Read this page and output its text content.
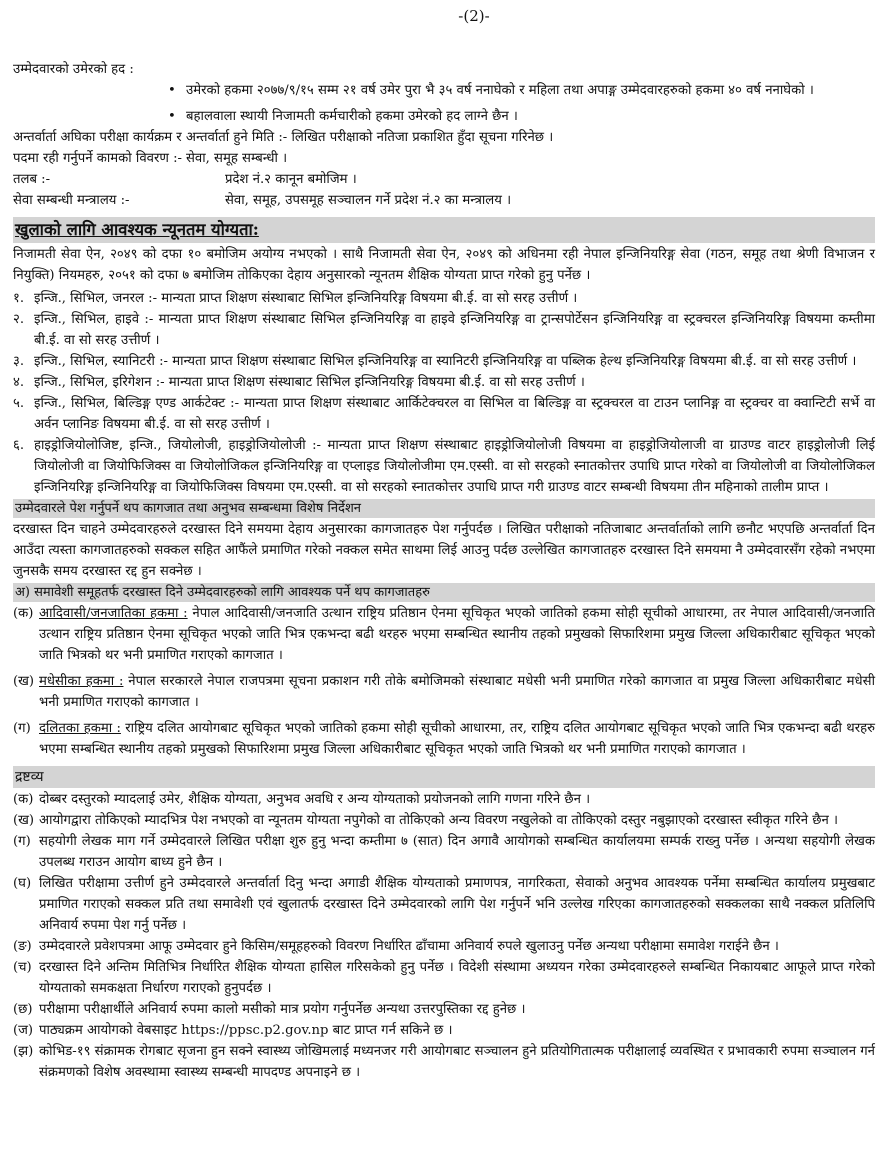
-(2)-

उम्मेदवारको उमेरको हद :

• उमेरको हकमा २०७७/९/१५ सम्म २१ वर्ष उमेर पुरा भै ३५ वर्ष ननाघेको र महिला तथा अपाङ्ग उम्मेदवारहरुको हकमा ४० वर्ष ननाघेको ।
• बहालवाला स्थायी निजामती कर्मचारीको हकमा उमेरको हद लाग्ने छैन ।

अन्तर्वार्ता अघिका परीक्षा कार्यक्रम र अन्तर्वार्ता हुने मिति :- लिखित परीक्षाको नतिजा प्रकाशित हुँदा सूचना गरिनेछ ।

पदमा रही गर्नुपर्ने कामको विवरण :- सेवा, समूह सम्बन्धी ।
तलब :-	प्रदेश नं.२ कानून बमोजिम ।
सेवा सम्बन्धी मन्त्रालय :-	सेवा, समूह, उपसमूह सञ्चालन गर्ने प्रदेश नं.२ का मन्त्रालय ।
खुलाको लागि आवश्यक न्यूनतम योग्यता:

निजामती सेवा ऐन, २०४९ को दफा १० बमोजिम अयोग्य नभएको । साथै निजामती सेवा ऐन, २०४९ को अधिनमा रही नेपाल इन्जिनियरिङ्ग सेवा (गठन, समूह तथा श्रेणी विभाजन र नियुक्ति) नियमहरु, २०५१ को दफा ७ बमोजिम तोकिएका देहाय अनुसारको न्यूनतम शैक्षिक योग्यता प्राप्त गरेको हुनु पर्नेछ ।

१. इन्जि., सिभिल, जनरल :- मान्यता प्राप्त शिक्षण संस्थाबाट सिभिल इन्जिनियरिङ्ग विषयमा बी.ई. वा सो सरह उत्तीर्ण ।
२. इन्जि., सिभिल, हाइवे :- मान्यता प्राप्त शिक्षण संस्थाबाट सिभिल इन्जिनियरिङ्ग वा हाइवे इन्जिनियरिङ्ग वा ट्रान्सपोर्टेसन इन्जिनियरिङ्ग वा स्ट्रक्चरल इन्जिनियरिङ्ग विषयमा कम्तीमा बी.ई. वा सो सरह उत्तीर्ण ।
३. इन्जि., सिभिल, स्यानिटरी :- मान्यता प्राप्त शिक्षण संस्थाबाट सिभिल इन्जिनियरिङ्ग वा स्यानिटरी इन्जिनियरिङ्ग वा पब्लिक हेल्थ इन्जिनियरिङ्ग विषयमा बी.ई. वा सो सरह उत्तीर्ण ।
४. इन्जि., सिभिल, इरिगेशन :- मान्यता प्राप्त शिक्षण संस्थाबाट सिभिल इन्जिनियरिङ्ग विषयमा बी.ई. वा सो सरह उत्तीर्ण ।
५. इन्जि., सिभिल, बिल्डिङ्ग एण्ड आर्कटेक्ट :- मान्यता प्राप्त शिक्षण संस्थाबाट आर्किटेक्चरल वा सिभिल वा बिल्डिङ्ग वा स्ट्रक्चरल वा टाउन प्लानिङ्ग वा स्ट्रक्चर वा क्वान्टिटी सर्भे वा अर्वन प्लानिङ विषयमा बी.ई. वा सो सरह उत्तीर्ण ।
६. हाइड्रोजियोलोजिष्ट, इन्जि., जियोलोजी, हाइड्रोजियोलोजी :- मान्यता प्राप्त शिक्षण संस्थाबाट हाइड्रोजियोलोजी विषयमा वा हाइड्रोजियोलाजी वा ग्राउण्ड वाटर हाइड्रोलोजी लिई जियोलोजी वा जियोफिजिक्स वा जियोलोजिकल इन्जिनियरिङ्ग वा एप्लाइड जियोलोजीमा एम.एस्सी. वा सो सरहको स्नातकोत्तर उपाधि प्राप्त गरेको वा जियोलोजी वा जियोलोजिकल इन्जिनियरिङ्ग इन्जिनियरिङ्ग वा जियोफिजिक्स विषयमा एम.एस्सी. वा सो सरहको स्नातकोत्तर उपाधि प्राप्त गरी ग्राउण्ड वाटर सम्बन्धी विषयमा तीन महिनाको तालीम प्राप्त ।
उम्मेदवारले पेश गर्नुपर्ने थप कागजात तथा अनुभव सम्बन्धमा विशेष निर्देशन

दरखास्त दिन चाहने उम्मेदवारहरुले दरखास्त दिने समयमा देहाय अनुसारका कागजातहरु पेश गर्नुपर्दछ । लिखित परीक्षाको नतिजाबाट अन्तर्वार्ताको लागि छनौट भएपछि अन्तर्वार्ता दिन आउँदा त्यस्ता कागजातहरुको सक्कल सहित आफैंले प्रमाणित गरेको नक्कल समेत साथमा लिई आउनु पर्दछ उल्लेखित कागजातहरु दरखास्त दिने समयमा नै उम्मेदवारसँग रहेको नभएमा जुनसकै समय दरखास्त रद्द हुन सक्नेछ ।

अ) समावेशी समूहतर्फ दरखास्त दिने उम्मेदवारहरुको लागि आवश्यक पर्ने थप कागजातहरु
(क) आदिवासी/जनजातिका हकमा : नेपाल आदिवासी/जनजाति उत्थान राष्ट्रिय प्रतिष्ठान ऐनमा सूचिकृत भएको जातिको हकमा सोही सूचीको आधारमा, तर नेपाल आदिवासी/जनजाति उत्थान राष्ट्रिय प्रतिष्ठान ऐनमा सूचिकृत भएको जाति भित्र एकभन्दा बढी थरहरु भएमा सम्बन्धित स्थानीय तहको प्रमुखको सिफारिशमा प्रमुख जिल्ला अधिकारीबाट सूचिकृत भएको जाति भित्रको थर भनी प्रमाणित गराएको कागजात ।
(ख) मधेसीका हकमा : नेपाल सरकारले नेपाल राजपत्रमा सूचना प्रकाशन गरी तोके बमोजिमको संस्थाबाट मधेसी भनी प्रमाणित गरेको कागजात वा प्रमुख जिल्ला अधिकारीबाट मधेसी भनी प्रमाणित गराएको कागजात ।
(ग) दलितका हकमा : राष्ट्रिय दलित आयोगबाट सूचिकृत भएको जातिको हकमा सोही सूचीको आधारमा, तर, राष्ट्रिय दलित आयोगबाट सूचिकृत भएको जाति भित्र एकभन्दा बढी थरहरु भएमा सम्बन्धित स्थानीय तहको प्रमुखको सिफारिशमा प्रमुख जिल्ला अधिकारीबाट सूचिकृत भएको जाति भित्रको थर भनी प्रमाणित गराएको कागजात ।
द्रष्टव्य
(क) दोब्बर दस्तुरको म्यादलाई उमेर, शैक्षिक योग्यता, अनुभव अवधि र अन्य योग्यताको प्रयोजनको लागि गणना गरिने छैन ।
(ख) आयोगद्वारा तोकिएको म्यादभित्र पेश नभएको वा न्यूनतम योग्यता नपुगेको वा तोकिएको अन्य विवरण नखुलेको वा तोकिएको दस्तुर नबुझाएको दरखास्त स्वीकृत गरिने छैन ।
(ग) सहयोगी लेखक माग गर्ने उम्मेदवारले लिखित परीक्षा शुरु हुनु भन्दा कम्तीमा ७ (सात) दिन अगावै आयोगको सम्बन्धित कार्यालयमा सम्पर्क राख्नु पर्नेछ । अन्यथा सहयोगी लेखक उपलब्ध गराउन आयोग बाध्य हुने छैन ।
(घ) लिखित परीक्षामा उत्तीर्ण हुने उम्मेदवारले अन्तर्वार्ता दिनु भन्दा अगाडी शैक्षिक योग्यताको प्रमाणपत्र, नागरिकता, सेवाको अनुभव आवश्यक पर्नेमा सम्बन्धित कार्यालय प्रमुखबाट प्रमाणित गराएको सक्कल प्रति तथा समावेशी एवं खुलातर्फ दरखास्त दिने उम्मेदवारको लागि पेश गर्नुपर्ने भनि उल्लेख गरिएका कागजातहरुको सक्कलका साथै नक्कल प्रतिलिपि अनिवार्य रुपमा पेश गर्नु पर्नेछ ।
(ङ) उम्मेदवारले प्रवेशपत्रमा आफू उम्मेदवार हुने किसिम/समूहहरुको विवरण निर्धारित ढाँचामा अनिवार्य रुपले खुलाउनु पर्नेछ अन्यथा परीक्षामा समावेश गराईने छैन ।
(च) दरखास्त दिने अन्तिम मितिभित्र निर्धारित शैक्षिक योग्यता हासिल गरिसकेको हुनु पर्नेछ । विदेशी संस्थामा अध्ययन गरेका उम्मेदवारहरुले सम्बन्धित निकायबाट आफूले प्राप्त गरेको योग्यताको समकक्षता निर्धारण गराएको हुनुपर्दछ ।
(छ) परीक्षामा परीक्षार्थीले अनिवार्य रुपमा कालो मसीको मात्र प्रयोग गर्नुपर्नेछ अन्यथा उत्तरपुस्तिका रद्द हुनेछ ।
(ज) पाठ्यक्रम आयोगको वेबसाइट https://ppsc.p2.gov.np बाट प्राप्त गर्न सकिने छ ।
(झ) कोभिड-१९ संक्रामक रोगबाट सृजना हुन सक्ने स्वास्थ्य जोखिमलाई मध्यनजर गरी आयोगबाट सञ्चालन हुने प्रतियोगितात्मक परीक्षालाई व्यवस्थित र प्रभावकारी रुपमा सञ्चालन गर्न संक्रमणको विशेष अवस्थामा स्वास्थ्य सम्बन्धी मापदण्ड अपनाइने छ ।
